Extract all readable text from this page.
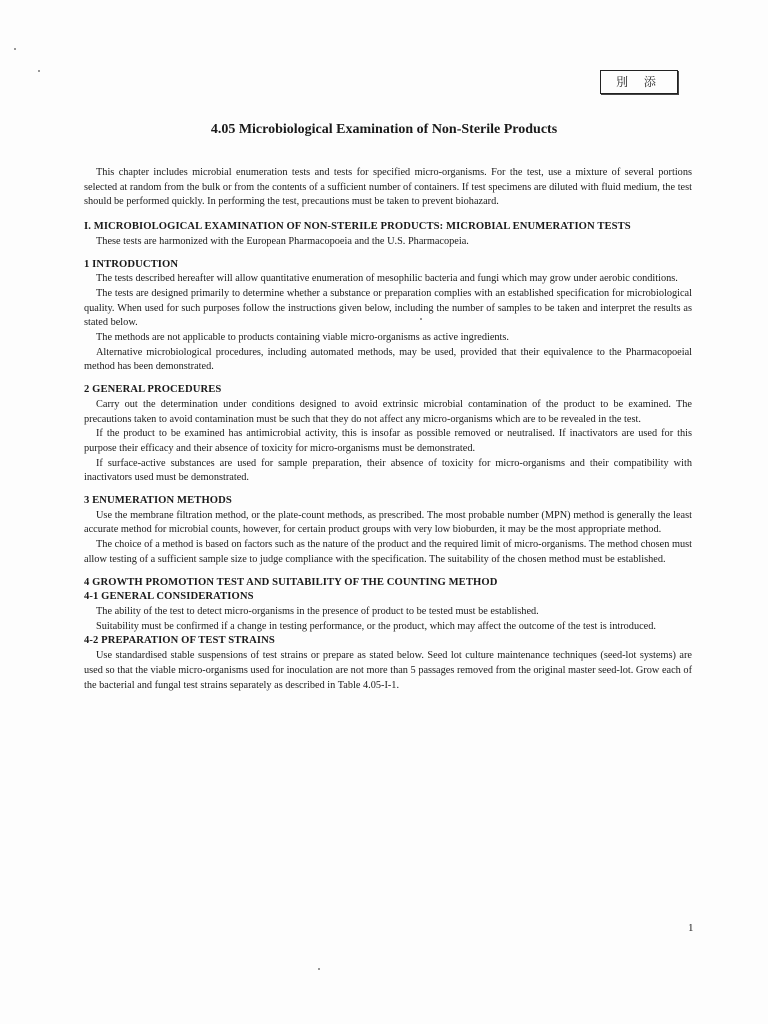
別 添
4.05 Microbiological Examination of Non-Sterile Products

This chapter includes microbial enumeration tests and tests for specified micro-organisms. For the test, use a mixture of several portions selected at random from the bulk or from the contents of a sufficient number of containers. If test specimens are diluted with fluid medium, the test should be performed quickly. In performing the test, precautions must be taken to prevent biohazard.

I. MICROBIOLOGICAL EXAMINATION OF NON-STERILE PRODUCTS: MICROBIAL ENUMERATION TESTS

These tests are harmonized with the European Pharmacopoeia and the U.S. Pharmacopeia.

1 INTRODUCTION

The tests described hereafter will allow quantitative enumeration of mesophilic bacteria and fungi which may grow under aerobic conditions.

The tests are designed primarily to determine whether a substance or preparation complies with an established specification for microbiological quality. When used for such purposes follow the instructions given below, including the number of samples to be taken and interpret the results as stated below.

The methods are not applicable to products containing viable micro-organisms as active ingredients.

Alternative microbiological procedures, including automated methods, may be used, provided that their equivalence to the Pharmacopoeial method has been demonstrated.

2 GENERAL PROCEDURES

Carry out the determination under conditions designed to avoid extrinsic microbial contamination of the product to be examined. The precautions taken to avoid contamination must be such that they do not affect any micro-organisms which are to be revealed in the test.

If the product to be examined has antimicrobial activity, this is insofar as possible removed or neutralised. If inactivators are used for this purpose their efficacy and their absence of toxicity for micro-organisms must be demonstrated.

If surface-active substances are used for sample preparation, their absence of toxicity for micro-organisms and their compatibility with inactivators used must be demonstrated.

3 ENUMERATION METHODS

Use the membrane filtration method, or the plate-count methods, as prescribed. The most probable number (MPN) method is generally the least accurate method for microbial counts, however, for certain product groups with very low bioburden, it may be the most appropriate method.

The choice of a method is based on factors such as the nature of the product and the required limit of micro-organisms. The method chosen must allow testing of a sufficient sample size to judge compliance with the specification. The suitability of the chosen method must be established.

4 GROWTH PROMOTION TEST AND SUITABILITY OF THE COUNTING METHOD
4-1 GENERAL CONSIDERATIONS

The ability of the test to detect micro-organisms in the presence of product to be tested must be established.

Suitability must be confirmed if a change in testing performance, or the product, which may affect the outcome of the test is introduced.

4-2 PREPARATION OF TEST STRAINS

Use standardised stable suspensions of test strains or prepare as stated below. Seed lot culture maintenance techniques (seed-lot systems) are used so that the viable micro-organisms used for inoculation are not more than 5 passages removed from the original master seed-lot. Grow each of the bacterial and fungal test strains separately as described in Table 4.05-I-1.

1
